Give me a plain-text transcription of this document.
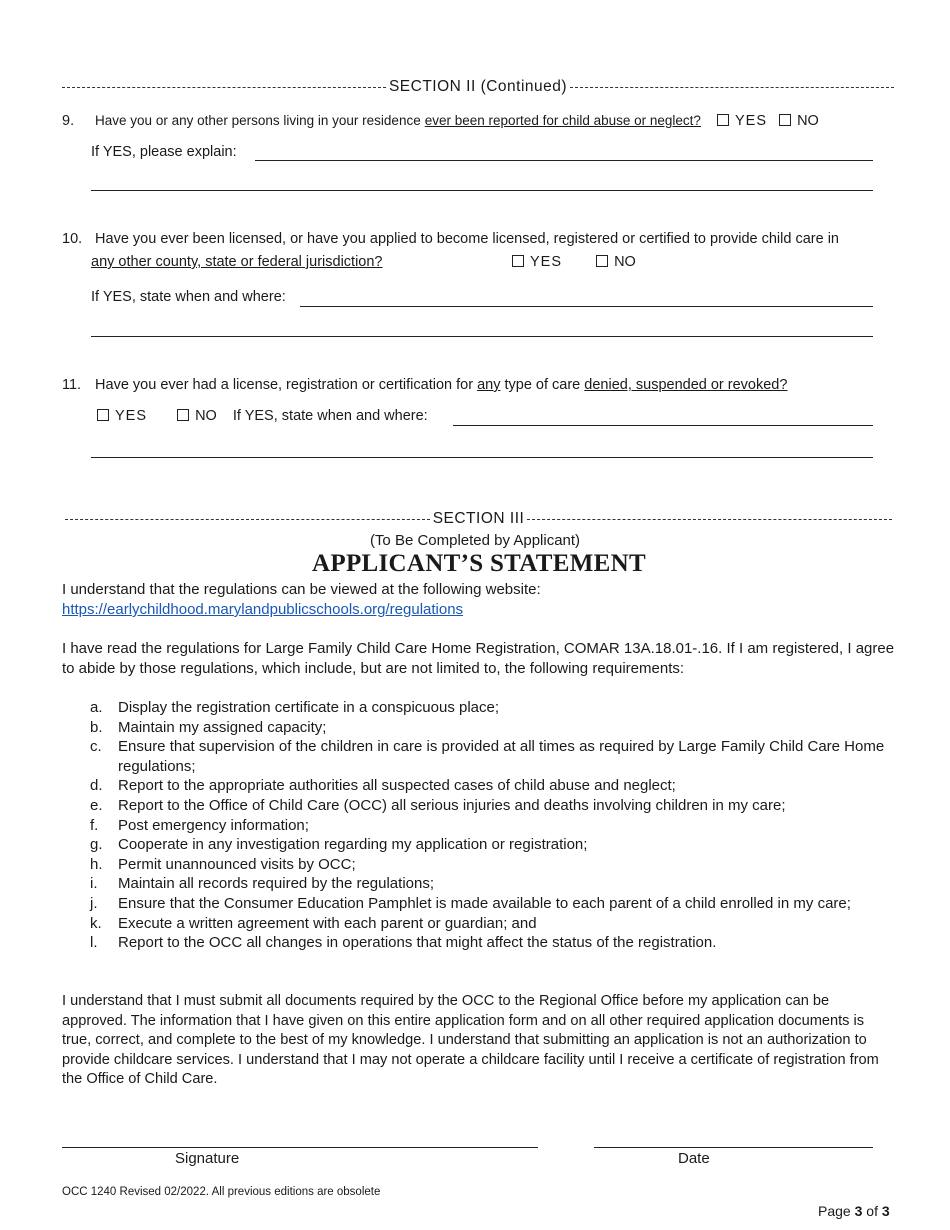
SECTION II (Continued)
9. Have you or any other persons living in your residence ever been reported for child abuse or neglect? YES NO
If YES, please explain:
10. Have you ever been licensed, or have you applied to become licensed, registered or certified to provide child care in
any other county, state or federal jurisdiction?	YES	NO
If YES, state when and where:
11. Have you ever had a license, registration or certification for any type of care denied, suspended or revoked?
YES	NO If YES, state when and where:
SECTION III
(To Be Completed by Applicant)
APPLICANT’S STATEMENT
I understand that the regulations can be viewed at the following website:
https://earlychildhood.marylandpublicschools.org/regulations
I have read the regulations for Large Family Child Care Home Registration, COMAR 13A.18.01-.16. If I am registered, I agree to abide by those regulations, which include, but are not limited to, the following requirements:
a. Display the registration certificate in a conspicuous place;
b. Maintain my assigned capacity;
c. Ensure that supervision of the children in care is provided at all times as required by Large Family Child Care Home regulations;
d. Report to the appropriate authorities all suspected cases of child abuse and neglect;
e. Report to the Office of Child Care (OCC) all serious injuries and deaths involving children in my care;
f. Post emergency information;
g. Cooperate in any investigation regarding my application or registration;
h. Permit unannounced visits by OCC;
i. Maintain all records required by the regulations;
j. Ensure that the Consumer Education Pamphlet is made available to each parent of a child enrolled in my care;
k. Execute a written agreement with each parent or guardian; and
l. Report to the OCC all changes in operations that might affect the status of the registration.
I understand that I must submit all documents required by the OCC to the Regional Office before my application can be approved. The information that I have given on this entire application form and on all other required application documents is true, correct, and complete to the best of my knowledge. I understand that submitting an application is not an authorization to provide childcare services. I understand that I may not operate a childcare facility until I receive a certificate of registration from the Office of Child Care.
Signature	Date
OCC 1240 Revised 02/2022. All previous editions are obsolete
Page 3 of 3
